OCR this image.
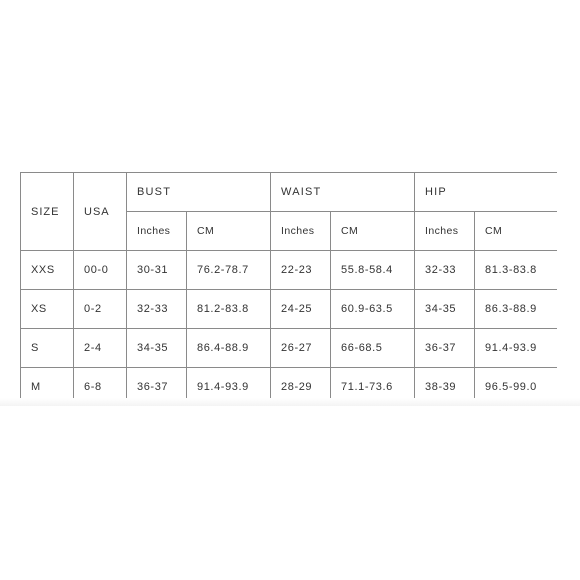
SIZE	USA	BUST		WAIST		HIP	
		Inches	CM	Inches	CM	Inches	CM
XXS	00-0	30-31	76.2-78.7	22-23	55.8-58.4	32-33	81.3-83.8
XS	0-2	32-33	81.2-83.8	24-25	60.9-63.5	34-35	86.3-88.9
S	2-4	34-35	86.4-88.9	26-27	66-68.5	36-37	91.4-93.9
M	6-8	36-37	91.4-93.9	28-29	71.1-73.6	38-39	96.5-99.0
